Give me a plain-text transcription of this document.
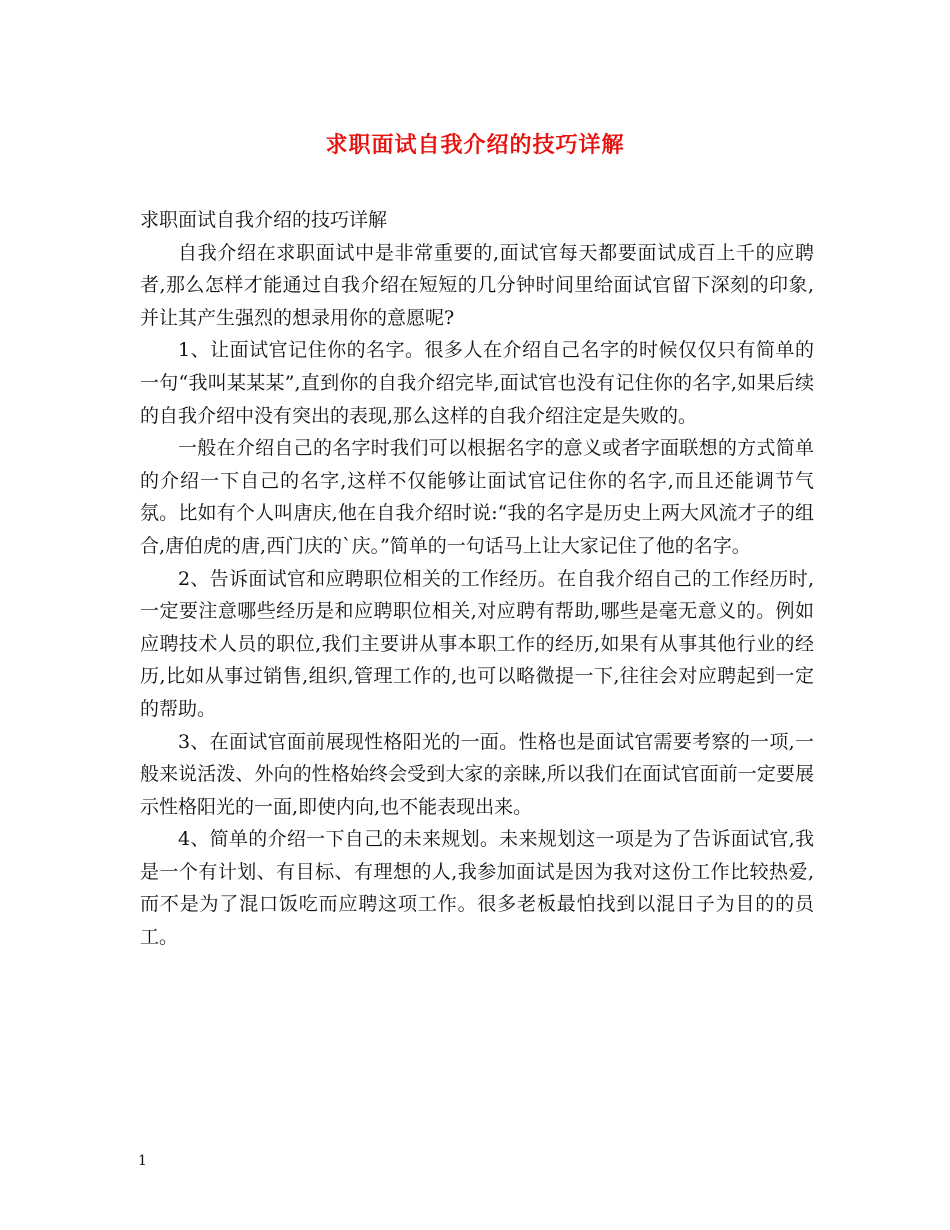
求职面试自我介绍的技巧详解

求职面试自我介绍的技巧详解

自我介绍在求职面试中是非常重要的,面试官每天都要面试成百上千的应聘者,那么怎样才能通过自我介绍在短短的几分钟时间里给面试官留下深刻的印象,并让其产生强烈的想录用你的意愿呢?

1、让面试官记住你的名字。很多人在介绍自己名字的时候仅仅只有简单的一句“我叫某某某”,直到你的自我介绍完毕,面试官也没有记住你的名字,如果后续的自我介绍中没有突出的表现,那么这样的自我介绍注定是失败的。

一般在介绍自己的名字时我们可以根据名字的意义或者字面联想的方式简单的介绍一下自己的名字,这样不仅能够让面试官记住你的名字,而且还能调节气氛。比如有个人叫唐庆,他在自我介绍时说:“我的名字是历史上两大风流才子的组合,唐伯虎的唐,西门庆的`庆。”简单的一句话马上让大家记住了他的名字。

2、告诉面试官和应聘职位相关的工作经历。在自我介绍自己的工作经历时,一定要注意哪些经历是和应聘职位相关,对应聘有帮助,哪些是毫无意义的。例如应聘技术人员的职位,我们主要讲从事本职工作的经历,如果有从事其他行业的经历,比如从事过销售,组织,管理工作的,也可以略微提一下,往往会对应聘起到一定的帮助。

3、在面试官面前展现性格阳光的一面。性格也是面试官需要考察的一项,一般来说活泼、外向的性格始终会受到大家的亲睐,所以我们在面试官面前一定要展示性格阳光的一面,即使内向,也不能表现出来。

4、简单的介绍一下自己的未来规划。未来规划这一项是为了告诉面试官,我是一个有计划、有目标、有理想的人,我参加面试是因为我对这份工作比较热爱,而不是为了混口饭吃而应聘这项工作。很多老板最怕找到以混日子为目的的员工。

1
